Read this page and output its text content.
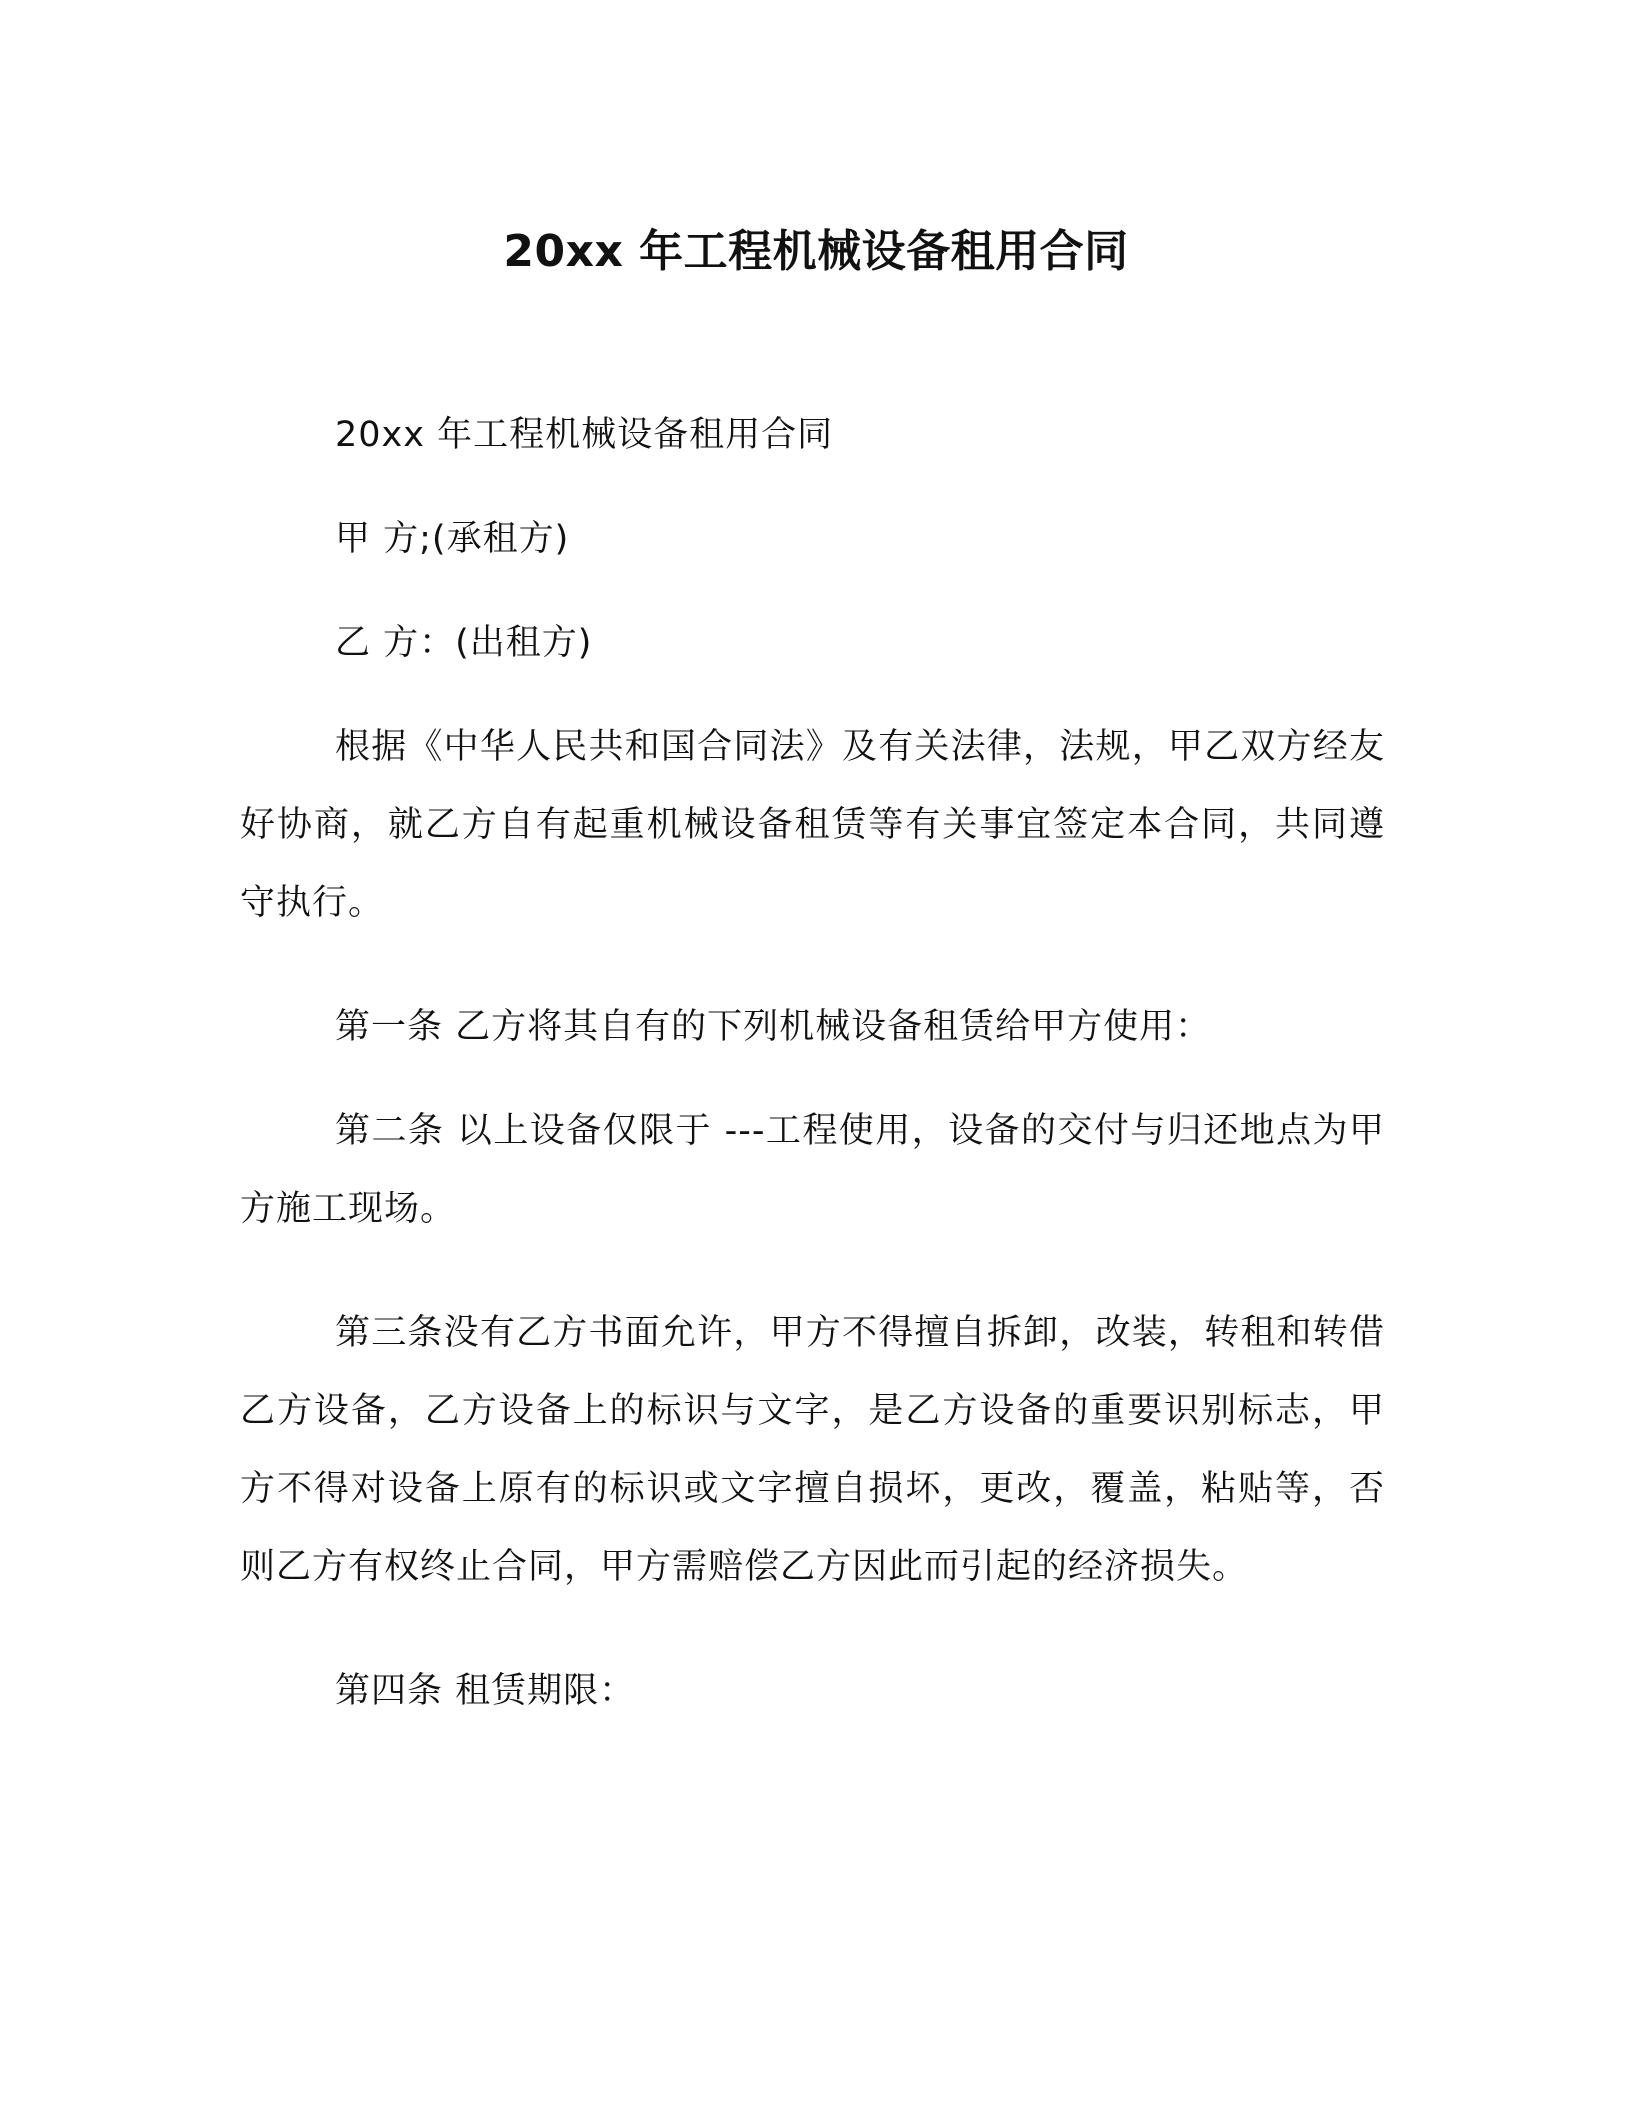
20xx 年工程机械设备租用合同

20xx 年工程机械设备租用合同

甲 方;(承租方)

乙 方：(出租方)

根据《中华人民共和国合同法》及有关法律，法规，甲乙双方经友好协商，就乙方自有起重机械设备租赁等有关事宜签定本合同，共同遵守执行。

第一条 乙方将其自有的下列机械设备租赁给甲方使用：

第二条 以上设备仅限于 ---工程使用，设备的交付与归还地点为甲方施工现场。

第三条没有乙方书面允许，甲方不得擅自拆卸，改装，转租和转借乙方设备，乙方设备上的标识与文字，是乙方设备的重要识别标志，甲方不得对设备上原有的标识或文字擅自损坏，更改，覆盖，粘贴等，否则乙方有权终止合同，甲方需赔偿乙方因此而引起的经济损失。

第四条 租赁期限：
